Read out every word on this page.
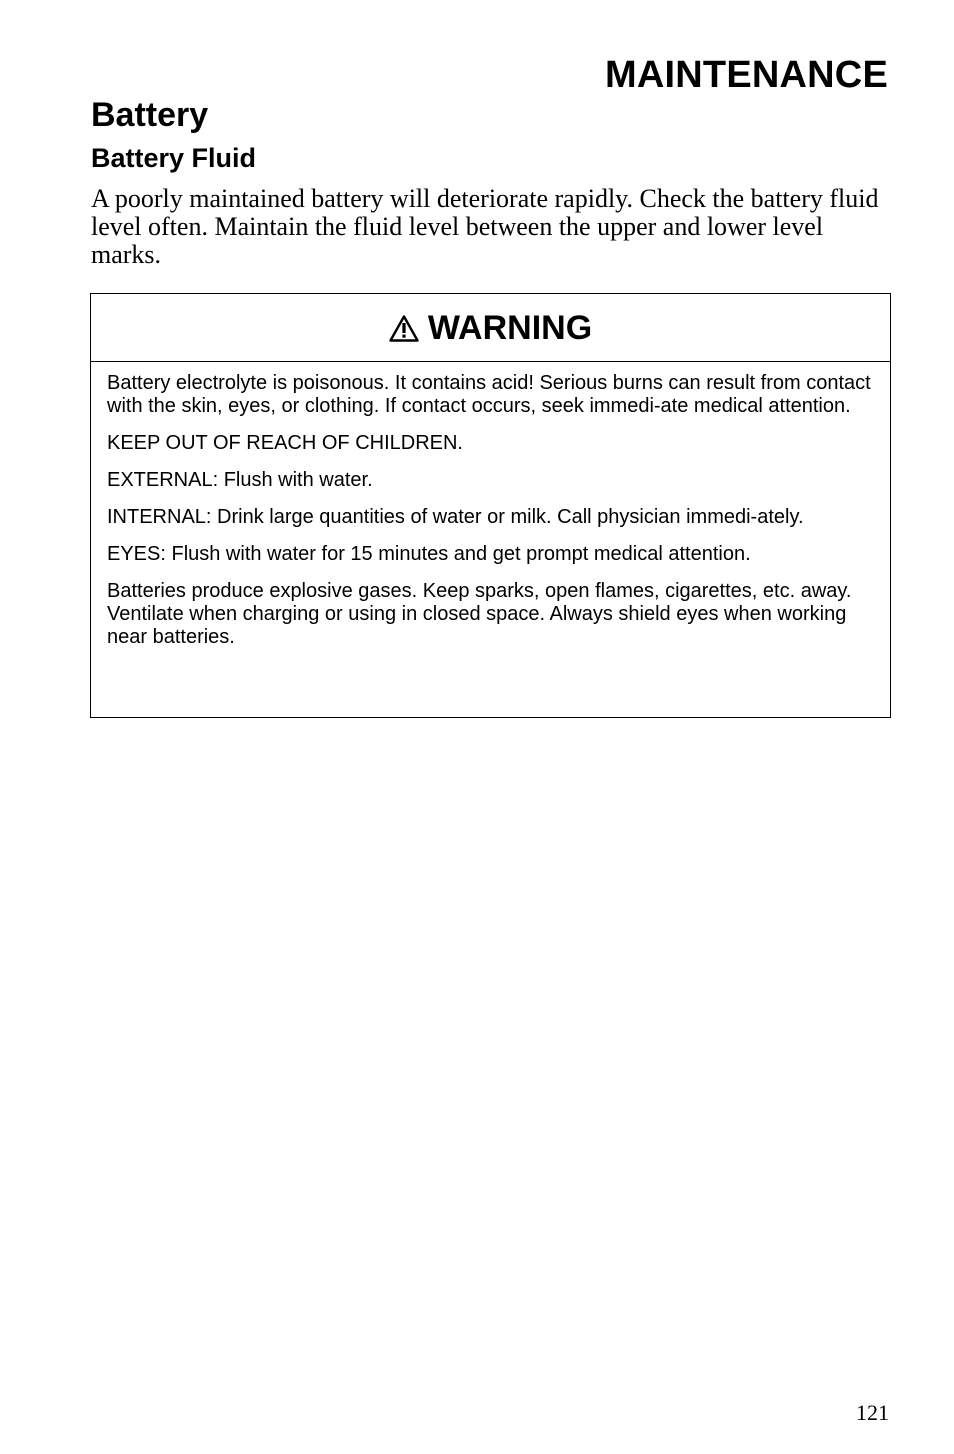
MAINTENANCE
Battery
Battery Fluid

A poorly maintained battery will deteriorate rapidly. Check the battery fluid level often. Maintain the fluid level between the upper and lower level marks.

WARNING

Battery electrolyte is poisonous. It contains acid! Serious burns can result from contact with the skin, eyes, or clothing. If contact occurs, seek immedi-ate medical attention.

KEEP OUT OF REACH OF CHILDREN.

EXTERNAL: Flush with water.

INTERNAL: Drink large quantities of water or milk. Call physician immedi-ately.

EYES: Flush with water for 15 minutes and get prompt medical attention.

Batteries produce explosive gases. Keep sparks, open flames, cigarettes, etc. away. Ventilate when charging or using in closed space. Always shield eyes when working near batteries.

121
